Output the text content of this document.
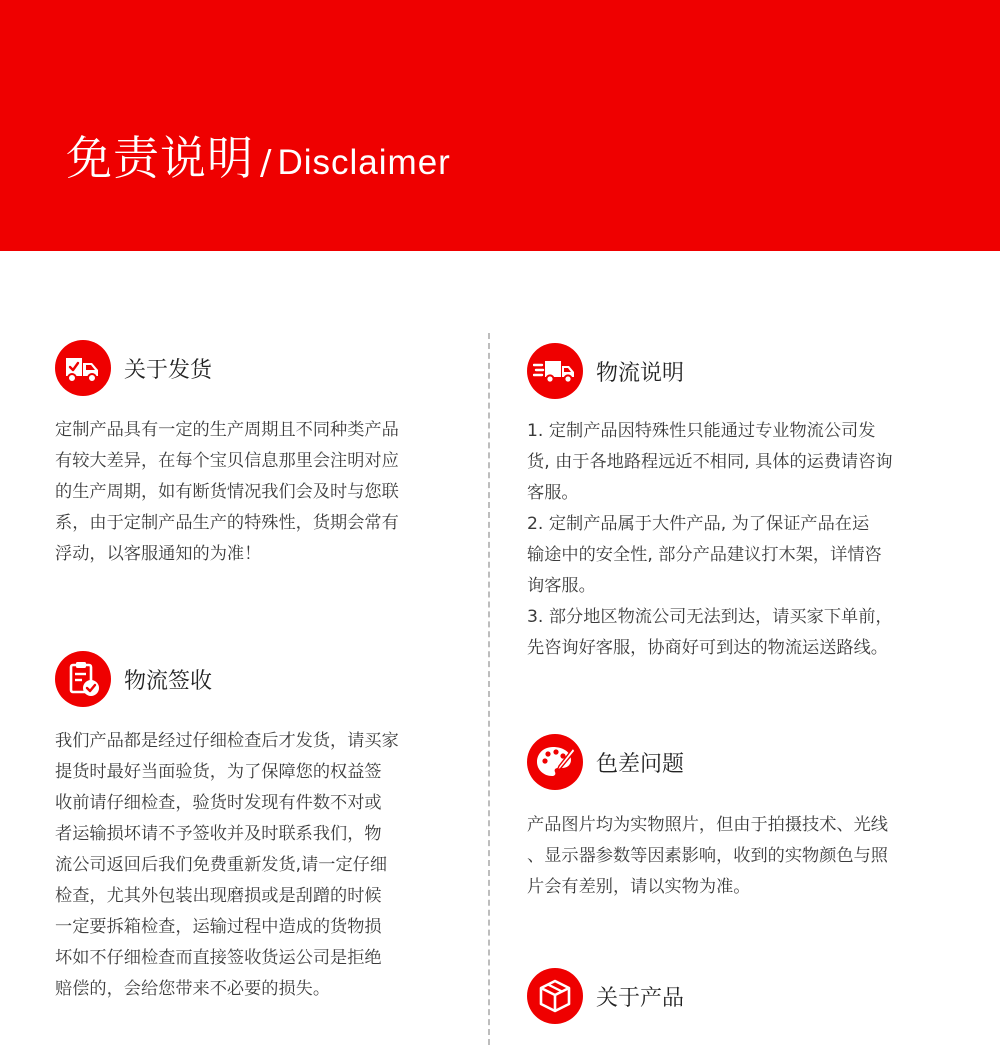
免责说明 / Disclaimer
关于发货

定制产品具有一定的生产周期且不同种类产品

有较大差异，在每个宝贝信息那里会注明对应

的生产周期，如有断货情况我们会及时与您联

系，由于定制产品生产的特殊性，货期会常有

浮动，以客服通知的为准！

物流签收

我们产品都是经过仔细检查后才发货，请买家

提货时最好当面验货，为了保障您的权益签

收前请仔细检查，验货时发现有件数不对或

者运输损坏请不予签收并及时联系我们，物

流公司返回后我们免费重新发货,请一定仔细

检查，尤其外包装出现磨损或是刮蹭的时候

一定要拆箱检查，运输过程中造成的货物损

坏如不仔细检查而直接签收货运公司是拒绝

赔偿的，会给您带来不必要的损失。

物流说明

1. 定制产品因特殊性只能通过专业物流公司发

货, 由于各地路程远近不相同, 具体的运费请咨询

客服。

2. 定制产品属于大件产品, 为了保证产品在运

输途中的安全性, 部分产品建议打木架，详情咨

询客服。

3. 部分地区物流公司无法到达，请买家下单前，

先咨询好客服，协商好可到达的物流运送路线。

色差问题

产品图片均为实物照片，但由于拍摄技术、光线

、显示器参数等因素影响，收到的实物颜色与照

片会有差别，请以实物为准。

关于产品
